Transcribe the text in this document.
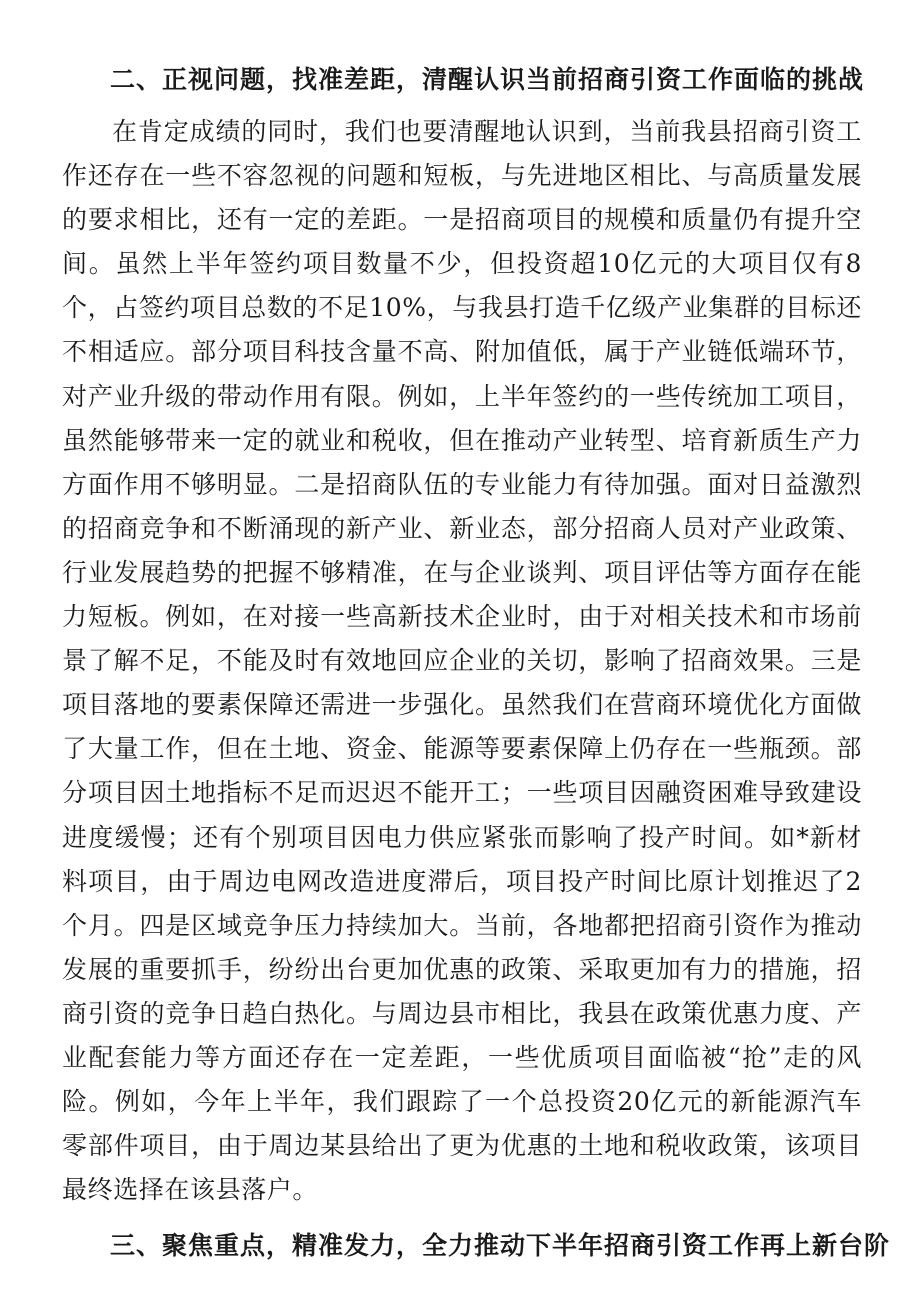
二、正视问题，找准差距，清醒认识当前招商引资工作面临的挑战

在肯定成绩的同时，我们也要清醒地认识到，当前我县招商引资工作还存在一些不容忽视的问题和短板，与先进地区相比、与高质量发展的要求相比，还有一定的差距。一是招商项目的规模和质量仍有提升空间。虽然上半年签约项目数量不少，但投资超10亿元的大项目仅有8个，占签约项目总数的不足10%，与我县打造千亿级产业集群的目标还不相适应。部分项目科技含量不高、附加值低，属于产业链低端环节，对产业升级的带动作用有限。例如，上半年签约的一些传统加工项目，虽然能够带来一定的就业和税收，但在推动产业转型、培育新质生产力方面作用不够明显。二是招商队伍的专业能力有待加强。面对日益激烈的招商竞争和不断涌现的新产业、新业态，部分招商人员对产业政策、行业发展趋势的把握不够精准，在与企业谈判、项目评估等方面存在能力短板。例如，在对接一些高新技术企业时，由于对相关技术和市场前景了解不足，不能及时有效地回应企业的关切，影响了招商效果。三是项目落地的要素保障还需进一步强化。虽然我们在营商环境优化方面做了大量工作，但在土地、资金、能源等要素保障上仍存在一些瓶颈。部分项目因土地指标不足而迟迟不能开工；一些项目因融资困难导致建设进度缓慢；还有个别项目因电力供应紧张而影响了投产时间。如*新材料项目，由于周边电网改造进度滞后，项目投产时间比原计划推迟了2个月。四是区域竞争压力持续加大。当前，各地都把招商引资作为推动发展的重要抓手，纷纷出台更加优惠的政策、采取更加有力的措施，招商引资的竞争日趋白热化。与周边县市相比，我县在政策优惠力度、产业配套能力等方面还存在一定差距，一些优质项目面临被“抢”走的风险。例如，今年上半年，我们跟踪了一个总投资20亿元的新能源汽车零部件项目，由于周边某县给出了更为优惠的土地和税收政策，该项目最终选择在该县落户。

三、聚焦重点，精准发力，全力推动下半年招商引资工作再上新台阶
